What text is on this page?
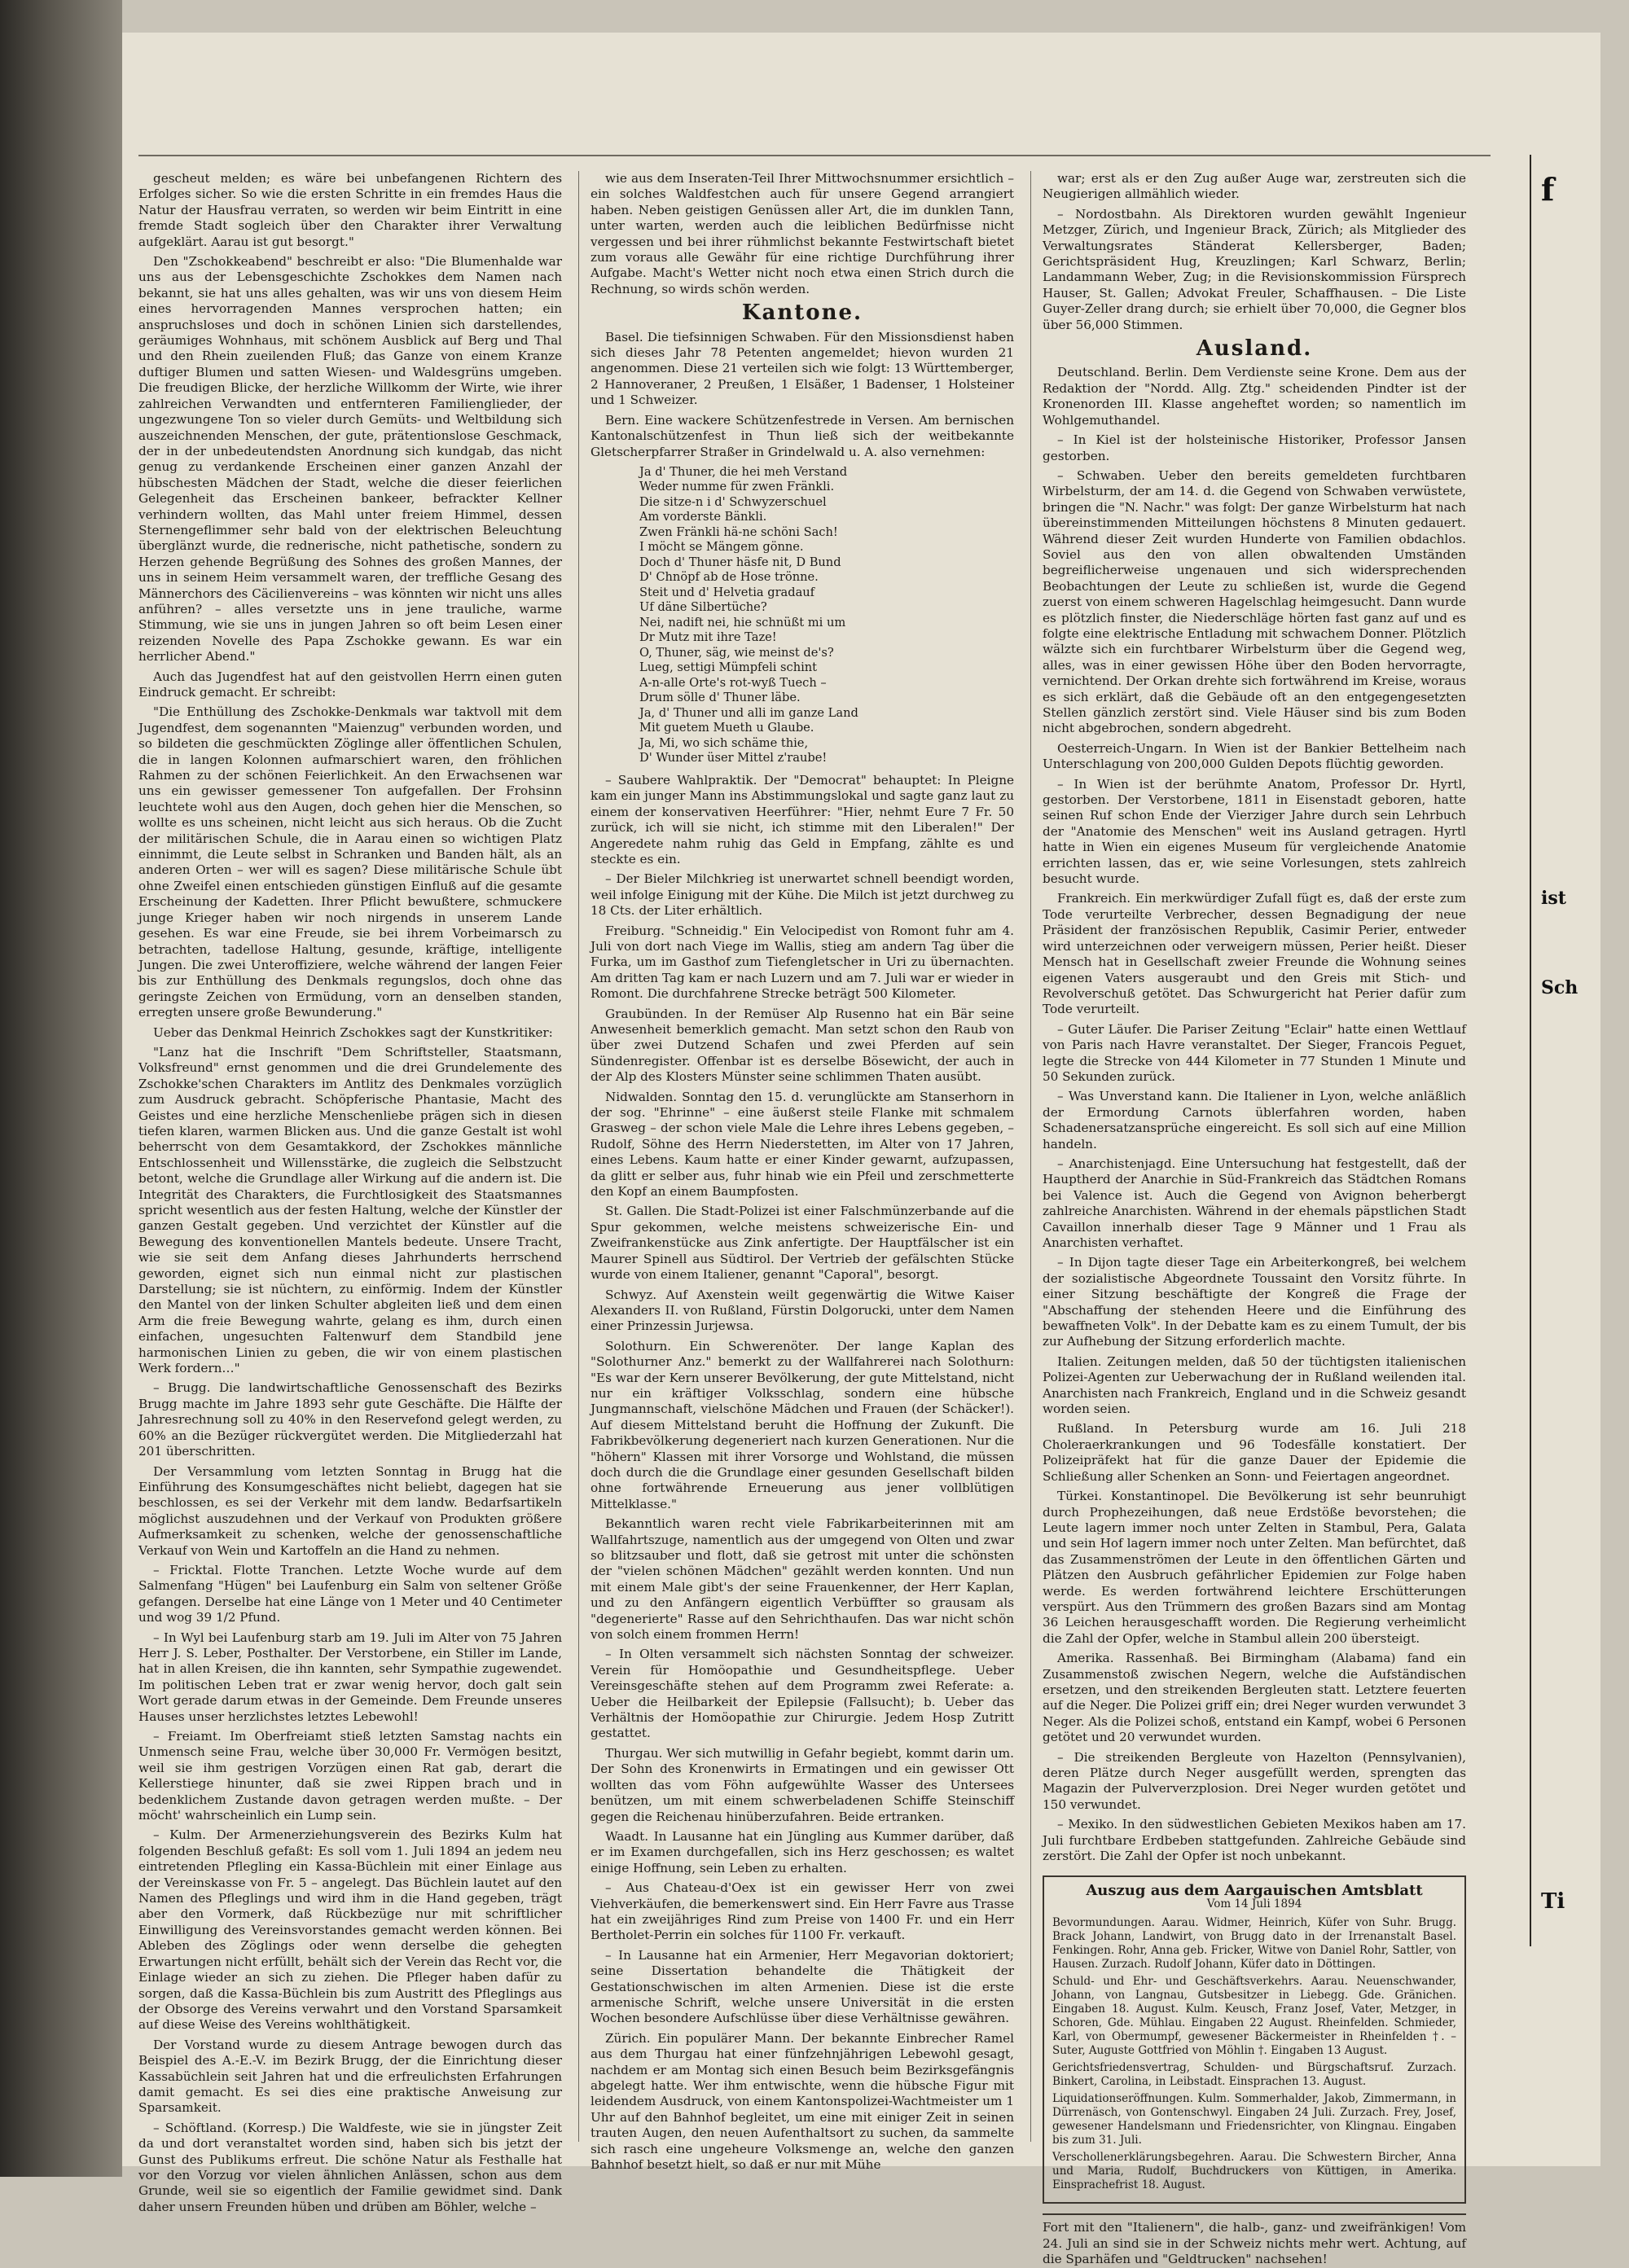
gescheut melden; es wäre bei unbefangenen Richtern des Erfolges sicher. So wie die ersten Schritte in ein fremdes Haus die Natur der Hausfrau verraten, so werden wir beim Eintritt in eine fremde Stadt sogleich über den Charakter ihrer Verwaltung aufgeklärt. Aarau ist gut besorgt."

Den "Zschokkeabend" beschreibt er also: "Die Blumenhalde war uns aus der Lebensgeschichte Zschokkes dem Namen nach bekannt, sie hat uns alles gehalten, was wir uns von diesem Heim eines hervorragenden Mannes versprochen hatten; ein anspruchsloses und doch in schönen Linien sich darstellendes, geräumiges Wohnhaus, mit schönem Ausblick auf Berg und Thal und den Rhein zueilenden Fluß; das Ganze von einem Kranze duftiger Blumen und satten Wiesen- und Waldesgrüns umgeben. Die freudigen Blicke, der herzliche Willkomm der Wirte, wie ihrer zahlreichen Verwandten und entfernteren Familienglieder, der ungezwungene Ton so vieler durch Gemüts- und Weltbildung sich auszeichnenden Menschen, der gute, prätentionslose Geschmack, der in der unbedeutendsten Anordnung sich kundgab, das nicht genug zu verdankende Erscheinen einer ganzen Anzahl der hübschesten Mädchen der Stadt, welche die dieser feierlichen Gelegenheit das Erscheinen bankeer, befrackter Kellner verhindern wollten, das Mahl unter freiem Himmel, dessen Sternengeflimmer sehr bald von der elektrischen Beleuchtung überglänzt wurde, die rednerische, nicht pathetische, sondern zu Herzen gehende Begrüßung des Sohnes des großen Mannes, der uns in seinem Heim versammelt waren, der treffliche Gesang des Männerchors des Cäcilienvereins – was könnten wir nicht uns alles anführen? – alles versetzte uns in jene trauliche, warme Stimmung, wie sie uns in jungen Jahren so oft beim Lesen einer reizenden Novelle des Papa Zschokke gewann. Es war ein herrlicher Abend."

Auch das Jugendfest hat auf den geistvollen Herrn einen guten Eindruck gemacht. Er schreibt:

"Die Enthüllung des Zschokke-Denkmals war taktvoll mit dem Jugendfest, dem sogenannten "Maienzug" verbunden worden, und so bildeten die geschmückten Zöglinge aller öffentlichen Schulen, die in langen Kolonnen aufmarschiert waren, den fröhlichen Rahmen zu der schönen Feierlichkeit. An den Erwachsenen war uns ein gewisser gemessener Ton aufgefallen. Der Frohsinn leuchtete wohl aus den Augen, doch gehen hier die Menschen, so wollte es uns scheinen, nicht leicht aus sich heraus. Ob die Zucht der militärischen Schule, die in Aarau einen so wichtigen Platz einnimmt, die Leute selbst in Schranken und Banden hält, als an anderen Orten – wer will es sagen? Diese militärische Schule übt ohne Zweifel einen entschieden günstigen Einfluß auf die gesamte Erscheinung der Kadetten. Ihrer Pflicht bewußtere, schmuckere junge Krieger haben wir noch nirgends in unserem Lande gesehen. Es war eine Freude, sie bei ihrem Vorbeimarsch zu betrachten, tadellose Haltung, gesunde, kräftige, intelligente Jungen. Die zwei Unteroffiziere, welche während der langen Feier bis zur Enthüllung des Denkmals regungslos, doch ohne das geringste Zeichen von Ermüdung, vorn an denselben standen, erregten unsere große Bewunderung."

Ueber das Denkmal Heinrich Zschokkes sagt der Kunstkritiker:

"Lanz hat die Inschrift "Dem Schriftsteller, Staatsmann, Volksfreund" ernst genommen und die drei Grundelemente des Zschokke'schen Charakters im Antlitz des Denkmales vorzüglich zum Ausdruck gebracht. Schöpferische Phantasie, Macht des Geistes und eine herzliche Menschenliebe prägen sich in diesen tiefen klaren, warmen Blicken aus. Und die ganze Gestalt ist wohl beherrscht von dem Gesamtakkord, der Zschokkes männliche Entschlossenheit und Willensstärke, die zugleich die Selbstzucht betont, welche die Grundlage aller Wirkung auf die andern ist. Die Integrität des Charakters, die Furchtlosigkeit des Staatsmannes spricht wesentlich aus der festen Haltung, welche der Künstler der ganzen Gestalt gegeben. Und verzichtet der Künstler auf die Bewegung des konventionellen Mantels bedeute. Unsere Tracht, wie sie seit dem Anfang dieses Jahrhunderts herrschend geworden, eignet sich nun einmal nicht zur plastischen Darstellung; sie ist nüchtern, zu einförmig. Indem der Künstler den Mantel von der linken Schulter abgleiten ließ und dem einen Arm die freie Bewegung wahrte, gelang es ihm, durch einen einfachen, ungesuchten Faltenwurf dem Standbild jene harmonischen Linien zu geben, die wir von einem plastischen Werk fordern…"

– Brugg. Die landwirtschaftliche Genossenschaft des Bezirks Brugg machte im Jahre 1893 sehr gute Geschäfte. Die Hälfte der Jahresrechnung soll zu 40% in den Reservefond gelegt werden, zu 60% an die Bezüger rückvergütet werden. Die Mitgliederzahl hat 201 überschritten.

Der Versammlung vom letzten Sonntag in Brugg hat die Einführung des Konsumgeschäftes nicht beliebt, dagegen hat sie beschlossen, es sei der Verkehr mit dem landw. Bedarfsartikeln möglichst auszudehnen und der Verkauf von Produkten größere Aufmerksamkeit zu schenken, welche der genossenschaftliche Verkauf von Wein und Kartoffeln an die Hand zu nehmen.

– Fricktal. Flotte Tranchen. Letzte Woche wurde auf dem Salmenfang "Hügen" bei Laufenburg ein Salm von seltener Größe gefangen. Derselbe hat eine Länge von 1 Meter und 40 Centimeter und wog 39 1/2 Pfund.

– In Wyl bei Laufenburg starb am 19. Juli im Alter von 75 Jahren Herr J. S. Leber, Posthalter. Der Verstorbene, ein Stiller im Lande, hat in allen Kreisen, die ihn kannten, sehr Sympathie zugewendet. Im politischen Leben trat er zwar wenig hervor, doch galt sein Wort gerade darum etwas in der Gemeinde. Dem Freunde unseres Hauses unser herzlichstes letztes Lebewohl!

– Freiamt. Im Oberfreiamt stieß letzten Samstag nachts ein Unmensch seine Frau, welche über 30,000 Fr. Vermögen besitzt, weil sie ihm gestrigen Vorzügen einen Rat gab, derart die Kellerstiege hinunter, daß sie zwei Rippen brach und in bedenklichem Zustande davon getragen werden mußte. – Der möcht' wahrscheinlich ein Lump sein.

– Kulm. Der Armenerziehungsverein des Bezirks Kulm hat folgenden Beschluß gefaßt: Es soll vom 1. Juli 1894 an jedem neu eintretenden Pflegling ein Kassa-Büchlein mit einer Einlage aus der Vereinskasse von Fr. 5 – angelegt. Das Büchlein lautet auf den Namen des Pfleglings und wird ihm in die Hand gegeben, trägt aber den Vormerk, daß Rückbezüge nur mit schriftlicher Einwilligung des Vereinsvorstandes gemacht werden können. Bei Ableben des Zöglings oder wenn derselbe die gehegten Erwartungen nicht erfüllt, behält sich der Verein das Recht vor, die Einlage wieder an sich zu ziehen. Die Pfleger haben dafür zu sorgen, daß die Kassa-Büchlein bis zum Austritt des Pfleglings aus der Obsorge des Vereins verwahrt und den Vorstand Sparsamkeit auf diese Weise des Vereins wohlthätigkeit.

Der Vorstand wurde zu diesem Antrage bewogen durch das Beispiel des A.-E.-V. im Bezirk Brugg, der die Einrichtung dieser Kassabüchlein seit Jahren hat und die erfreulichsten Erfahrungen damit gemacht. Es sei dies eine praktische Anweisung zur Sparsamkeit.

– Schöftland. (Korresp.) Die Waldfeste, wie sie in jüngster Zeit da und dort veranstaltet worden sind, haben sich bis jetzt der Gunst des Publikums erfreut. Die schöne Natur als Festhalle hat vor den Vorzug vor vielen ähnlichen Anlässen, schon aus dem Grunde, weil sie so eigentlich der Familie gewidmet sind. Dank daher unsern Freunden hüben und drüben am Böhler, welche –

wie aus dem Inseraten-Teil Ihrer Mittwochsnummer ersichtlich – ein solches Waldfestchen auch für unsere Gegend arrangiert haben. Neben geistigen Genüssen aller Art, die im dunklen Tann, unter warten, werden auch die leiblichen Bedürfnisse nicht vergessen und bei ihrer rühmlichst bekannte Festwirtschaft bietet zum voraus alle Gewähr für eine richtige Durchführung ihrer Aufgabe. Macht's Wetter nicht noch etwa einen Strich durch die Rechnung, so wirds schön werden.

Kantone.

Basel. Die tiefsinnigen Schwaben. Für den Missionsdienst haben sich dieses Jahr 78 Petenten angemeldet; hievon wurden 21 angenommen. Diese 21 verteilen sich wie folgt: 13 Württemberger, 2 Hannoveraner, 2 Preußen, 1 Elsäßer, 1 Badenser, 1 Holsteiner und 1 Schweizer.

Bern. Eine wackere Schützenfestrede in Versen. Am bernischen Kantonalschützenfest in Thun ließ sich der weitbekannte Gletscherpfarrer Straßer in Grindelwald u. A. also vernehmen:

Ja d' Thuner, die hei meh Verstand
Weder numme für zwen Fränkli.
Die sitze-n i d' Schwyzerschuel
Am vorderste Bänkli.
Zwen Fränkli hä-ne schöni Sach!
I möcht se Mängem gönne.
Doch d' Thuner häsfe nit, D Bund
D' Chnöpf ab de Hose trönne.
Steit und d' Helvetia gradauf
Uf däne Silbertüche?
Nei, nadift nei, hie schnüßt mi um
Dr Mutz mit ihre Taze!
O, Thuner, säg, wie meinst de's?
Lueg, settigi Mümpfeli schint
A-n-alle Orte's rot-wyß Tuech –
Drum sölle d' Thuner läbe.
Ja, d' Thuner und alli im ganze Land
Mit guetem Mueth u Glaube.
Ja, Mi, wo sich schäme thie,
D' Wunder üser Mittel z'raube!

– Saubere Wahlpraktik. Der "Democrat" behauptet: In Pleigne kam ein junger Mann ins Abstimmungslokal und sagte ganz laut zu einem der konservativen Heerführer: "Hier, nehmt Eure 7 Fr. 50 zurück, ich will sie nicht, ich stimme mit den Liberalen!" Der Angeredete nahm ruhig das Geld in Empfang, zählte es und steckte es ein.

– Der Bieler Milchkrieg ist unerwartet schnell beendigt worden, weil infolge Einigung mit der Kühe. Die Milch ist jetzt durchweg zu 18 Cts. der Liter erhältlich.

Freiburg. "Schneidig." Ein Velocipedist von Romont fuhr am 4. Juli von dort nach Viege im Wallis, stieg am andern Tag über die Furka, um im Gasthof zum Tiefengletscher in Uri zu übernachten. Am dritten Tag kam er nach Luzern und am 7. Juli war er wieder in Romont. Die durchfahrene Strecke beträgt 500 Kilometer.

Graubünden. In der Remüser Alp Rusenno hat ein Bär seine Anwesenheit bemerklich gemacht. Man setzt schon den Raub von über zwei Dutzend Schafen und zwei Pferden auf sein Sündenregister. Offenbar ist es derselbe Bösewicht, der auch in der Alp des Klosters Münster seine schlimmen Thaten ausübt.

Nidwalden. Sonntag den 15. d. verunglückte am Stanserhorn in der sog. "Ehrinne" – eine äußerst steile Flanke mit schmalem Grasweg – der schon viele Male die Lehre ihres Lebens gegeben, – Rudolf, Söhne des Herrn Niederstetten, im Alter von 17 Jahren, eines Lebens. Kaum hatte er einer Kinder gewarnt, aufzupassen, da glitt er selber aus, fuhr hinab wie ein Pfeil und zerschmetterte den Kopf an einem Baumpfosten.

St. Gallen. Die Stadt-Polizei ist einer Falschmünzerbande auf die Spur gekommen, welche meistens schweizerische Ein- und Zweifrankenstücke aus Zink anfertigte. Der Hauptfälscher ist ein Maurer Spinell aus Südtirol. Der Vertrieb der gefälschten Stücke wurde von einem Italiener, genannt "Caporal", besorgt.

Schwyz. Auf Axenstein weilt gegenwärtig die Witwe Kaiser Alexanders II. von Rußland, Fürstin Dolgorucki, unter dem Namen einer Prinzessin Jurjewsa.

Solothurn. Ein Schwerenöter. Der lange Kaplan des "Solothurner Anz." bemerkt zu der Wallfahrerei nach Solothurn: "Es war der Kern unserer Bevölkerung, der gute Mittelstand, nicht nur ein kräftiger Volksschlag, sondern eine hübsche Jungmannschaft, vielschöne Mädchen und Frauen (der Schäcker!). Auf diesem Mittelstand beruht die Hoffnung der Zukunft. Die Fabrikbevölkerung degeneriert nach kurzen Generationen. Nur die "höhern" Klassen mit ihrer Vorsorge und Wohlstand, die müssen doch durch die die Grundlage einer gesunden Gesellschaft bilden ohne fortwährende Erneuerung aus jener vollblütigen Mittelklasse."

Bekanntlich waren recht viele Fabrikarbeiterinnen mit am Wallfahrtszuge, namentlich aus der umgegend von Olten und zwar so blitzsauber und flott, daß sie getrost mit unter die schönsten der "vielen schönen Mädchen" gezählt werden konnten. Und nun mit einem Male gibt's der seine Frauenkenner, der Herr Kaplan, und zu den Anfängern eigentlich Verbüffter so grausam als "degenerierte" Rasse auf den Sehrichthaufen. Das war nicht schön von solch einem frommen Herrn!

– In Olten versammelt sich nächsten Sonntag der schweizer. Verein für Homöopathie und Gesundheitspflege. Ueber Vereinsgeschäfte stehen auf dem Programm zwei Referate: a. Ueber die Heilbarkeit der Epilepsie (Fallsucht); b. Ueber das Verhältnis der Homöopathie zur Chirurgie. Jedem Hosp Zutritt gestattet.

Thurgau. Wer sich mutwillig in Gefahr begiebt, kommt darin um. Der Sohn des Kronenwirts in Ermatingen und ein gewisser Ott wollten das vom Föhn aufgewühlte Wasser des Untersees benützen, um mit einem schwerbeladenen Schiffe Steinschiff gegen die Reichenau hinüberzufahren. Beide ertranken.

Waadt. In Lausanne hat ein Jüngling aus Kummer darüber, daß er im Examen durchgefallen, sich ins Herz geschossen; es waltet einige Hoffnung, sein Leben zu erhalten.

– Aus Chateau-d'Oex ist ein gewisser Herr von zwei Viehverkäufen, die bemerkenswert sind. Ein Herr Favre aus Trasse hat ein zweijähriges Rind zum Preise von 1400 Fr. und ein Herr Bertholet-Perrin ein solches für 1100 Fr. verkauft.

– In Lausanne hat ein Armenier, Herr Megavorian doktoriert; seine Dissertation behandelte die Thätigkeit der Gestationschwischen im alten Armenien. Diese ist die erste armenische Schrift, welche unsere Universität in die ersten Wochen besondere Aufschlüsse über diese Verhältnisse gewähren.

Zürich. Ein populärer Mann. Der bekannte Einbrecher Ramel aus dem Thurgau hat einer fünfzehnjährigen Lebewohl gesagt, nachdem er am Montag sich einen Besuch beim Bezirksgefängnis abgelegt hatte. Wer ihm entwischte, wenn die hübsche Figur mit leidendem Ausdruck, von einem Kantonspolizei-Wachtmeister um 1 Uhr auf den Bahnhof begleitet, um eine mit einiger Zeit in seinen trauten Augen, den neuen Aufenthaltsort zu suchen, da sammelte sich rasch eine ungeheure Volksmenge an, welche den ganzen Bahnhof besetzt hielt, so daß er nur mit Mühe

war; erst als er den Zug außer Auge war, zerstreuten sich die Neugierigen allmählich wieder.

– Nordostbahn. Als Direktoren wurden gewählt Ingenieur Metzger, Zürich, und Ingenieur Brack, Zürich; als Mitglieder des Verwaltungsrates Ständerat Kellersberger, Baden; Gerichtspräsident Hug, Kreuzlingen; Karl Schwarz, Berlin; Landammann Weber, Zug; in die Revisionskommission Fürsprech Hauser, St. Gallen; Advokat Freuler, Schaffhausen. – Die Liste Guyer-Zeller drang durch; sie erhielt über 70,000, die Gegner blos über 56,000 Stimmen.

Ausland.

Deutschland. Berlin. Dem Verdienste seine Krone. Dem aus der Redaktion der "Nordd. Allg. Ztg." scheidenden Pindter ist der Kronenorden III. Klasse angeheftet worden; so namentlich im Wohlgemuthandel.

– In Kiel ist der holsteinische Historiker, Professor Jansen gestorben.

– Schwaben. Ueber den bereits gemeldeten furchtbaren Wirbelsturm, der am 14. d. die Gegend von Schwaben verwüstete, bringen die "N. Nachr." was folgt: Der ganze Wirbelsturm hat nach übereinstimmenden Mitteilungen höchstens 8 Minuten gedauert. Während dieser Zeit wurden Hunderte von Familien obdachlos. Soviel aus den von allen obwaltenden Umständen begreiflicherweise ungenauen und sich widersprechenden Beobachtungen der Leute zu schließen ist, wurde die Gegend zuerst von einem schweren Hagelschlag heimgesucht. Dann wurde es plötzlich finster, die Niederschläge hörten fast ganz auf und es folgte eine elektrische Entladung mit schwachem Donner. Plötzlich wälzte sich ein furchtbarer Wirbelsturm über die Gegend weg, alles, was in einer gewissen Höhe über den Boden hervorragte, vernichtend. Der Orkan drehte sich fortwährend im Kreise, woraus es sich erklärt, daß die Gebäude oft an den entgegengesetzten Stellen gänzlich zerstört sind. Viele Häuser sind bis zum Boden nicht abgebrochen, sondern abgedreht.

Oesterreich-Ungarn. In Wien ist der Bankier Bettelheim nach Unterschlagung von 200,000 Gulden Depots flüchtig geworden.

– In Wien ist der berühmte Anatom, Professor Dr. Hyrtl, gestorben. Der Verstorbene, 1811 in Eisenstadt geboren, hatte seinen Ruf schon Ende der Vierziger Jahre durch sein Lehrbuch der "Anatomie des Menschen" weit ins Ausland getragen. Hyrtl hatte in Wien ein eigenes Museum für vergleichende Anatomie errichten lassen, das er, wie seine Vorlesungen, stets zahlreich besucht wurde.

Frankreich. Ein merkwürdiger Zufall fügt es, daß der erste zum Tode verurteilte Verbrecher, dessen Begnadigung der neue Präsident der französischen Republik, Casimir Perier, entweder wird unterzeichnen oder verweigern müssen, Perier heißt. Dieser Mensch hat in Gesellschaft zweier Freunde die Wohnung seines eigenen Vaters ausgeraubt und den Greis mit Stich- und Revolverschuß getötet. Das Schwurgericht hat Perier dafür zum Tode verurteilt.

– Guter Läufer. Die Pariser Zeitung "Eclair" hatte einen Wettlauf von Paris nach Havre veranstaltet. Der Sieger, Francois Peguet, legte die Strecke von 444 Kilometer in 77 Stunden 1 Minute und 50 Sekunden zurück.

– Was Unverstand kann. Die Italiener in Lyon, welche anläßlich der Ermordung Carnots üblerfahren worden, haben Schadenersatzansprüche eingereicht. Es soll sich auf eine Million handeln.

– Anarchistenjagd. Eine Untersuchung hat festgestellt, daß der Hauptherd der Anarchie in Süd-Frankreich das Städtchen Romans bei Valence ist. Auch die Gegend von Avignon beherbergt zahlreiche Anarchisten. Während in der ehemals päpstlichen Stadt Cavaillon innerhalb dieser Tage 9 Männer und 1 Frau als Anarchisten verhaftet.

– In Dijon tagte dieser Tage ein Arbeiterkongreß, bei welchem der sozialistische Abgeordnete Toussaint den Vorsitz führte. In einer Sitzung beschäftigte der Kongreß die Frage der "Abschaffung der stehenden Heere und die Einführung des bewaffneten Volk". In der Debatte kam es zu einem Tumult, der bis zur Aufhebung der Sitzung erforderlich machte.

Italien. Zeitungen melden, daß 50 der tüchtigsten italienischen Polizei-Agenten zur Ueberwachung der in Rußland weilenden ital. Anarchisten nach Frankreich, England und in die Schweiz gesandt worden seien.

Rußland. In Petersburg wurde am 16. Juli 218 Choleraerkrankungen und 96 Todesfälle konstatiert. Der Polizeipräfekt hat für die ganze Dauer der Epidemie die Schließung aller Schenken an Sonn- und Feiertagen angeordnet.

Türkei. Konstantinopel. Die Bevölkerung ist sehr beunruhigt durch Prophezeihungen, daß neue Erdstöße bevorstehen; die Leute lagern immer noch unter Zelten in Stambul, Pera, Galata und sein Hof lagern immer noch unter Zelten. Man befürchtet, daß das Zusammenströmen der Leute in den öffentlichen Gärten und Plätzen den Ausbruch gefährlicher Epidemien zur Folge haben werde. Es werden fortwährend leichtere Erschütterungen verspürt. Aus den Trümmern des großen Bazars sind am Montag 36 Leichen herausgeschafft worden. Die Regierung verheimlicht die Zahl der Opfer, welche in Stambul allein 200 übersteigt.

Amerika. Rassenhaß. Bei Birmingham (Alabama) fand ein Zusammenstoß zwischen Negern, welche die Aufständischen ersetzen, und den streikenden Bergleuten statt. Letztere feuerten auf die Neger. Die Polizei griff ein; drei Neger wurden verwundet 3 Neger. Als die Polizei schoß, entstand ein Kampf, wobei 6 Personen getötet und 20 verwundet wurden.

– Die streikenden Bergleute von Hazelton (Pennsylvanien), deren Plätze durch Neger ausgefüllt werden, sprengten das Magazin der Pulververzplosion. Drei Neger wurden getötet und 150 verwundet.

– Mexiko. In den südwestlichen Gebieten Mexikos haben am 17. Juli furchtbare Erdbeben stattgefunden. Zahlreiche Gebäude sind zerstört. Die Zahl der Opfer ist noch unbekannt.

Auszug aus dem Aargauischen Amtsblatt
Vom 14 Juli 1894
Bevormundungen. Aarau. Widmer, Heinrich, Küfer von Suhr. Brugg. Brack Johann, Landwirt, von Brugg dato in der Irrenanstalt Basel. Fenkingen. Rohr, Anna geb. Fricker, Witwe von Daniel Rohr, Sattler, von Hausen. Zurzach. Rudolf Johann, Küfer dato in Döttingen.
Schuld- und Ehr- und Geschäftsverkehrs. Aarau. Neuenschwander, Johann, von Langnau, Gutsbesitzer in Liebegg. Gde. Gränichen. Eingaben 18. August. Kulm. Keusch, Franz Josef, Vater, Metzger, in Schoren, Gde. Mühlau. Eingaben 22 August. Rheinfelden. Schmieder, Karl, von Obermumpf, gewesener Bäckermeister in Rheinfelden †. – Suter, Auguste Gottfried von Möhlin †. Eingaben 13 August.
Gerichtsfriedensvertrag, Schulden- und Bürgschaftsruf. Zurzach. Binkert, Carolina, in Leibstadt. Einsprachen 13. August.
Liquidationseröffnungen. Kulm. Sommerhalder, Jakob, Zimmermann, in Dürrenäsch, von Gontenschwyl. Eingaben 24 Juli. Zurzach. Frey, Josef, gewesener Handelsmann und Friedensrichter, von Klingnau. Eingaben bis zum 31. Juli.
Verschollenerklärungsbegehren. Aarau. Die Schwestern Bircher, Anna und Maria, Rudolf, Buchdruckers von Küttigen, in Amerika. Einsprachefrist 18. August.
Fort mit den "Italienern", die halb-, ganz- und zweifränkigen! Vom 24. Juli an sind sie in der Schweiz nichts mehr wert. Achtung, auf die Sparhäfen und "Geldtrucken" nachsehen!
f
ist
Sch
Ti
